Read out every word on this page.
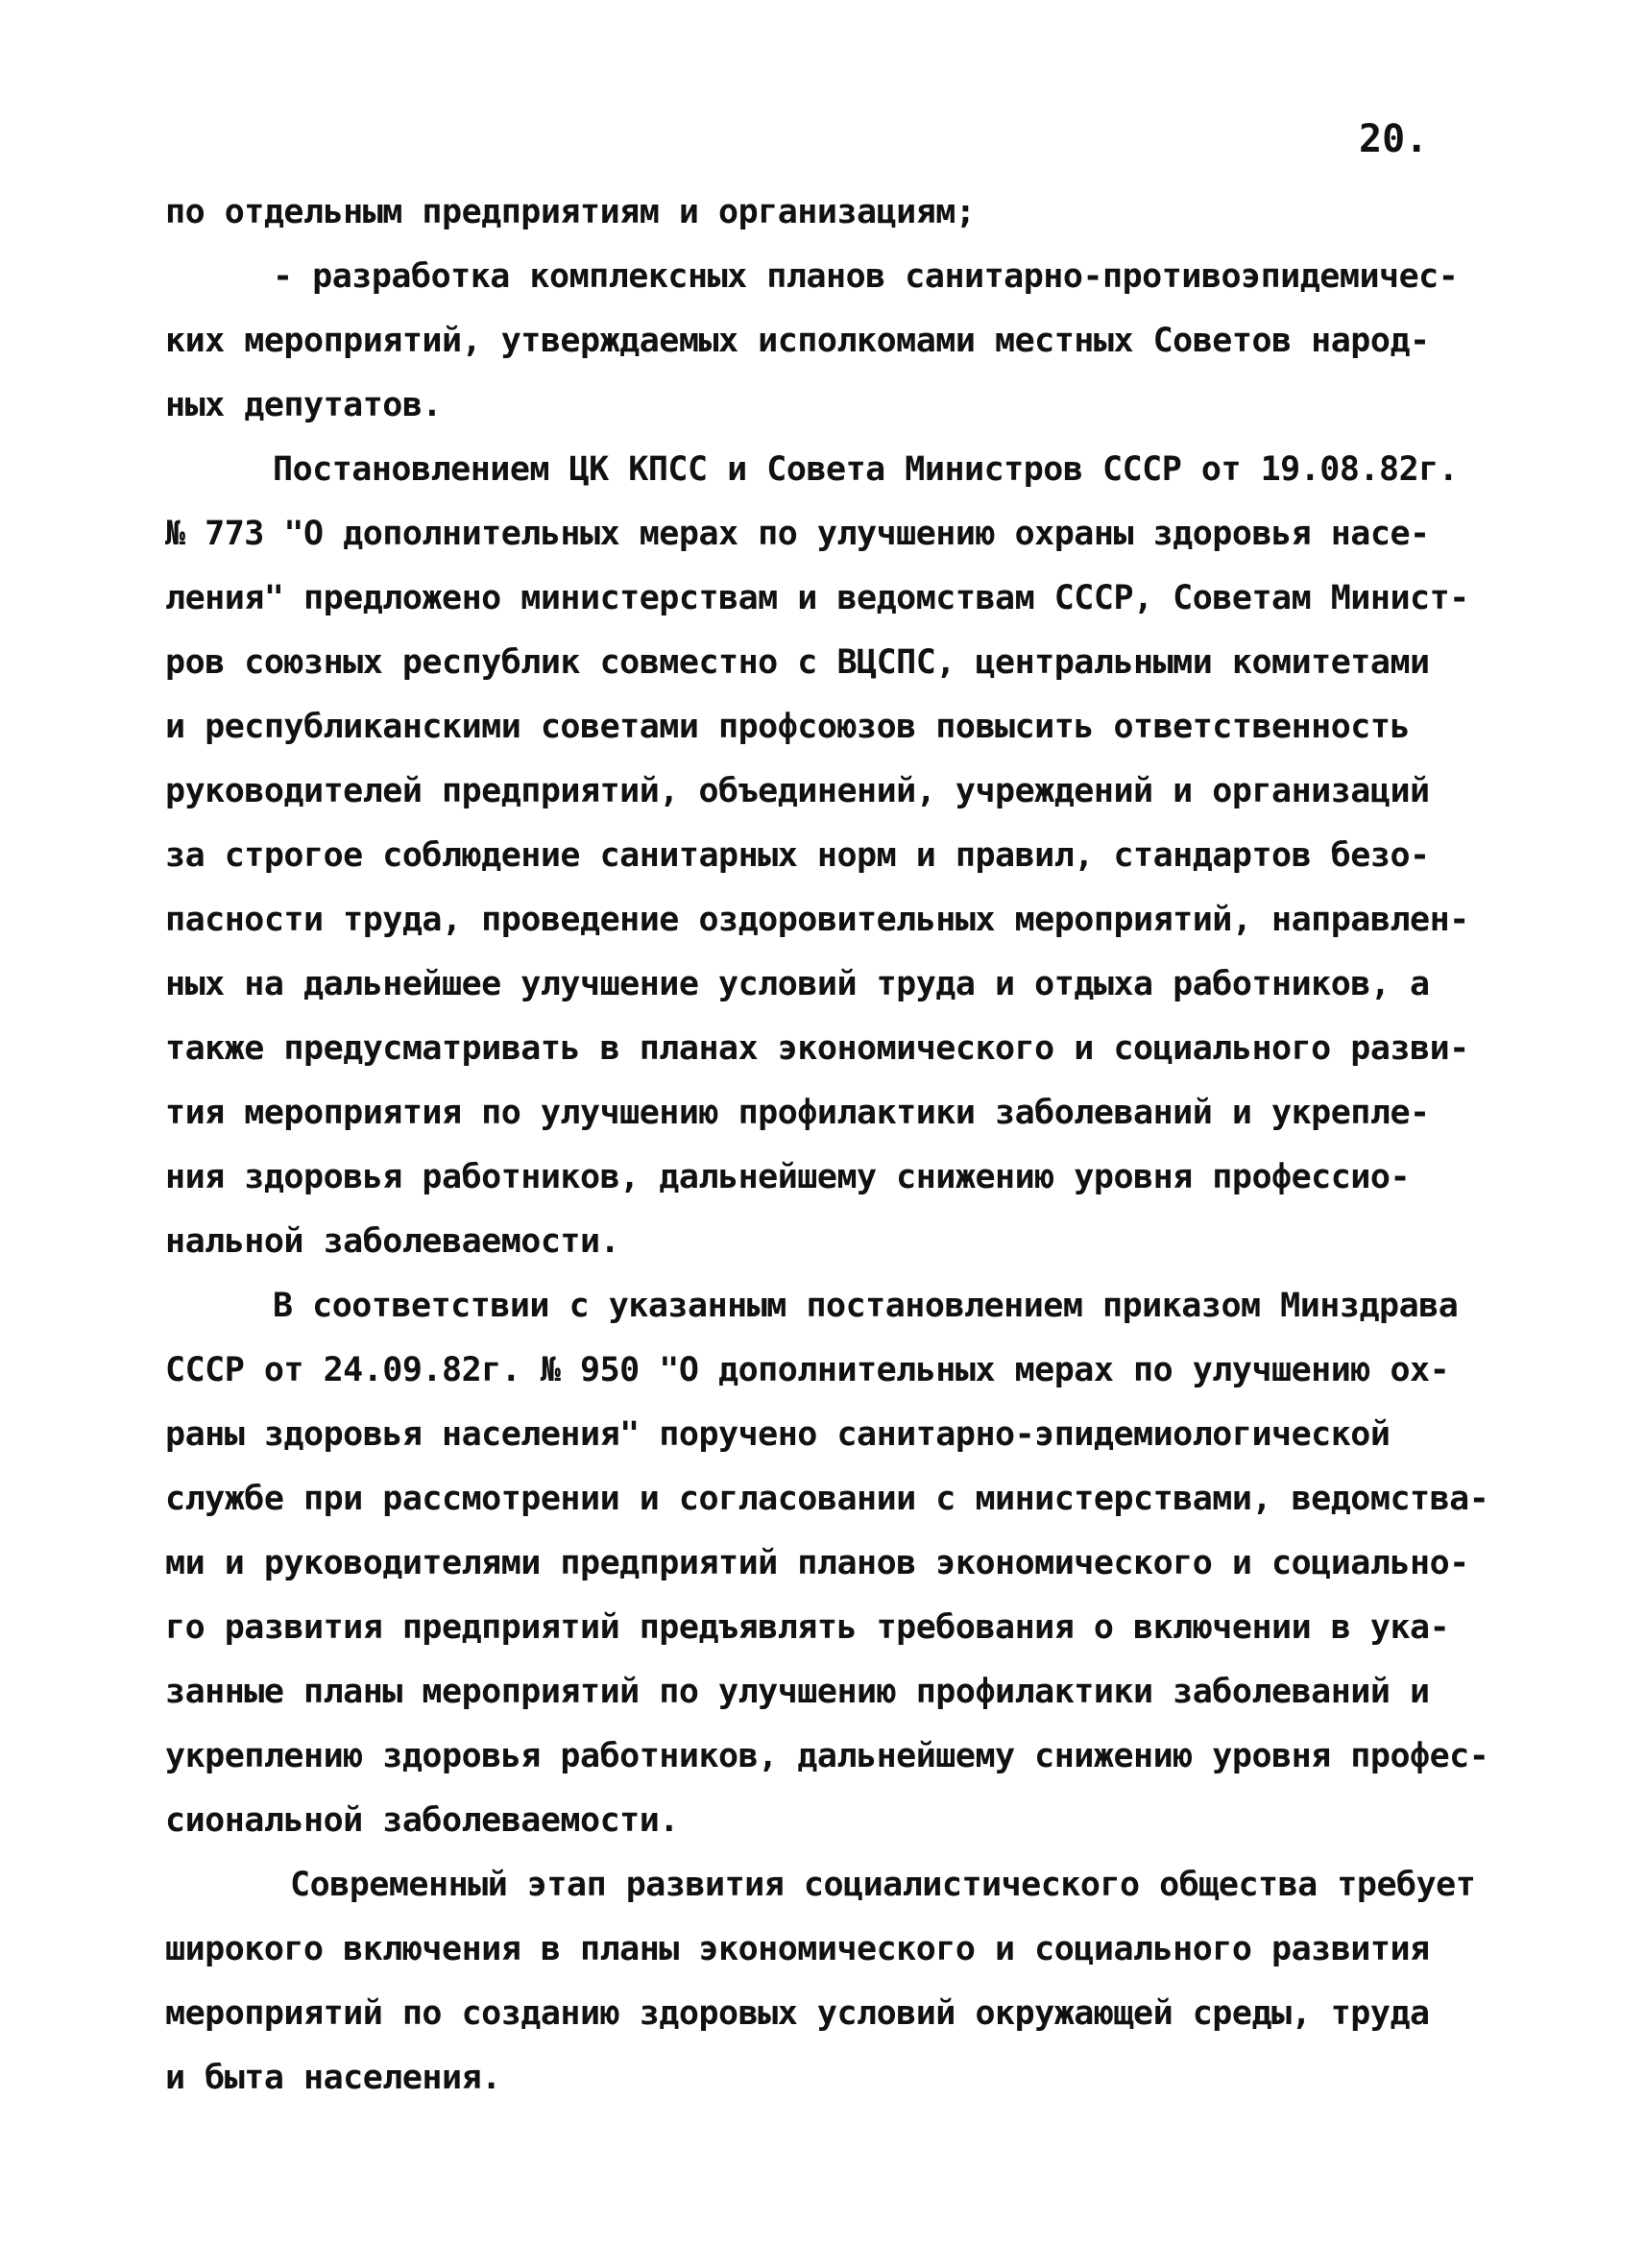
20.
по отдельным предприятиям и организациям;
- разработка комплексных планов санитарно-противоэпидемичес-
ких мероприятий, утверждаемых исполкомами местных Советов народ-
ных депутатов.
Постановлением ЦК КПСС и Совета Министров СССР от 19.08.82г.
№ 773 "О дополнительных мерах по улучшению охраны здоровья насе-
ления" предложено министерствам и ведомствам СССР, Советам Минист-
ров союзных республик совместно с ВЦСПС, центральными комитетами
и республиканскими советами профсоюзов повысить ответственность
руководителей предприятий, объединений, учреждений и организаций
за строгое соблюдение санитарных норм и правил, стандартов безо-
пасности труда, проведение оздоровительных мероприятий, направлен-
ных на дальнейшее улучшение условий труда и отдыха работников, а
также предусматривать в планах экономического и социального разви-
тия мероприятия по улучшению профилактики заболеваний и укрепле-
ния здоровья работников, дальнейшему снижению уровня профессио-
нальной заболеваемости.
В соответствии с указанным постановлением приказом Минздрава
СССР от 24.09.82г. № 950 "О дополнительных мерах по улучшению ох-
раны здоровья населения" поручено санитарно-эпидемиологической
службе при рассмотрении и согласовании с министерствами, ведомства-
ми и руководителями предприятий планов экономического и социально-
го развития предприятий предъявлять требования о включении в ука-
занные планы мероприятий по улучшению профилактики заболеваний и
укреплению здоровья работников, дальнейшему снижению уровня профес-
сиональной заболеваемости.
Современный этап развития социалистического общества требует
широкого включения в планы экономического и социального развития
мероприятий по созданию здоровых условий окружающей среды, труда
и быта населения.
